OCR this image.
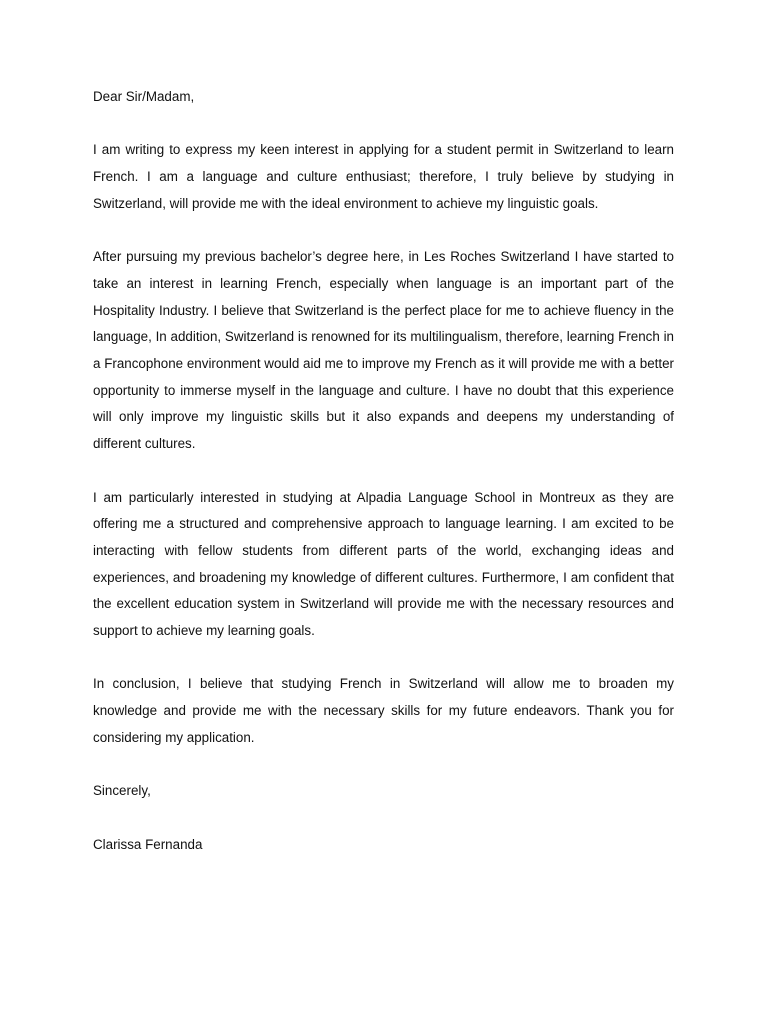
Dear Sir/Madam,

I am writing to express my keen interest in applying for a student permit in Switzerland to learn French. I am a language and culture enthusiast; therefore, I truly believe by studying in Switzerland, will provide me with the ideal environment to achieve my linguistic goals.

After pursuing my previous bachelor’s degree here, in Les Roches Switzerland I have started to take an interest in learning French, especially when language is an important part of the Hospitality Industry. I believe that Switzerland is the perfect place for me to achieve fluency in the language, In addition, Switzerland is renowned for its multilingualism, therefore, learning French in a Francophone environment would aid me to improve my French as it will provide me with a better opportunity to immerse myself in the language and culture. I have no doubt that this experience will only improve my linguistic skills but it also expands and deepens my understanding of different cultures.

I am particularly interested in studying at Alpadia Language School in Montreux as they are offering me a structured and comprehensive approach to language learning. I am excited to be interacting with fellow students from different parts of the world, exchanging ideas and experiences, and broadening my knowledge of different cultures. Furthermore, I am confident that the excellent education system in Switzerland will provide me with the necessary resources and support to achieve my learning goals.

In conclusion, I believe that studying French in Switzerland will allow me to broaden my knowledge and provide me with the necessary skills for my future endeavors. Thank you for considering my application.

Sincerely,

Clarissa Fernanda
